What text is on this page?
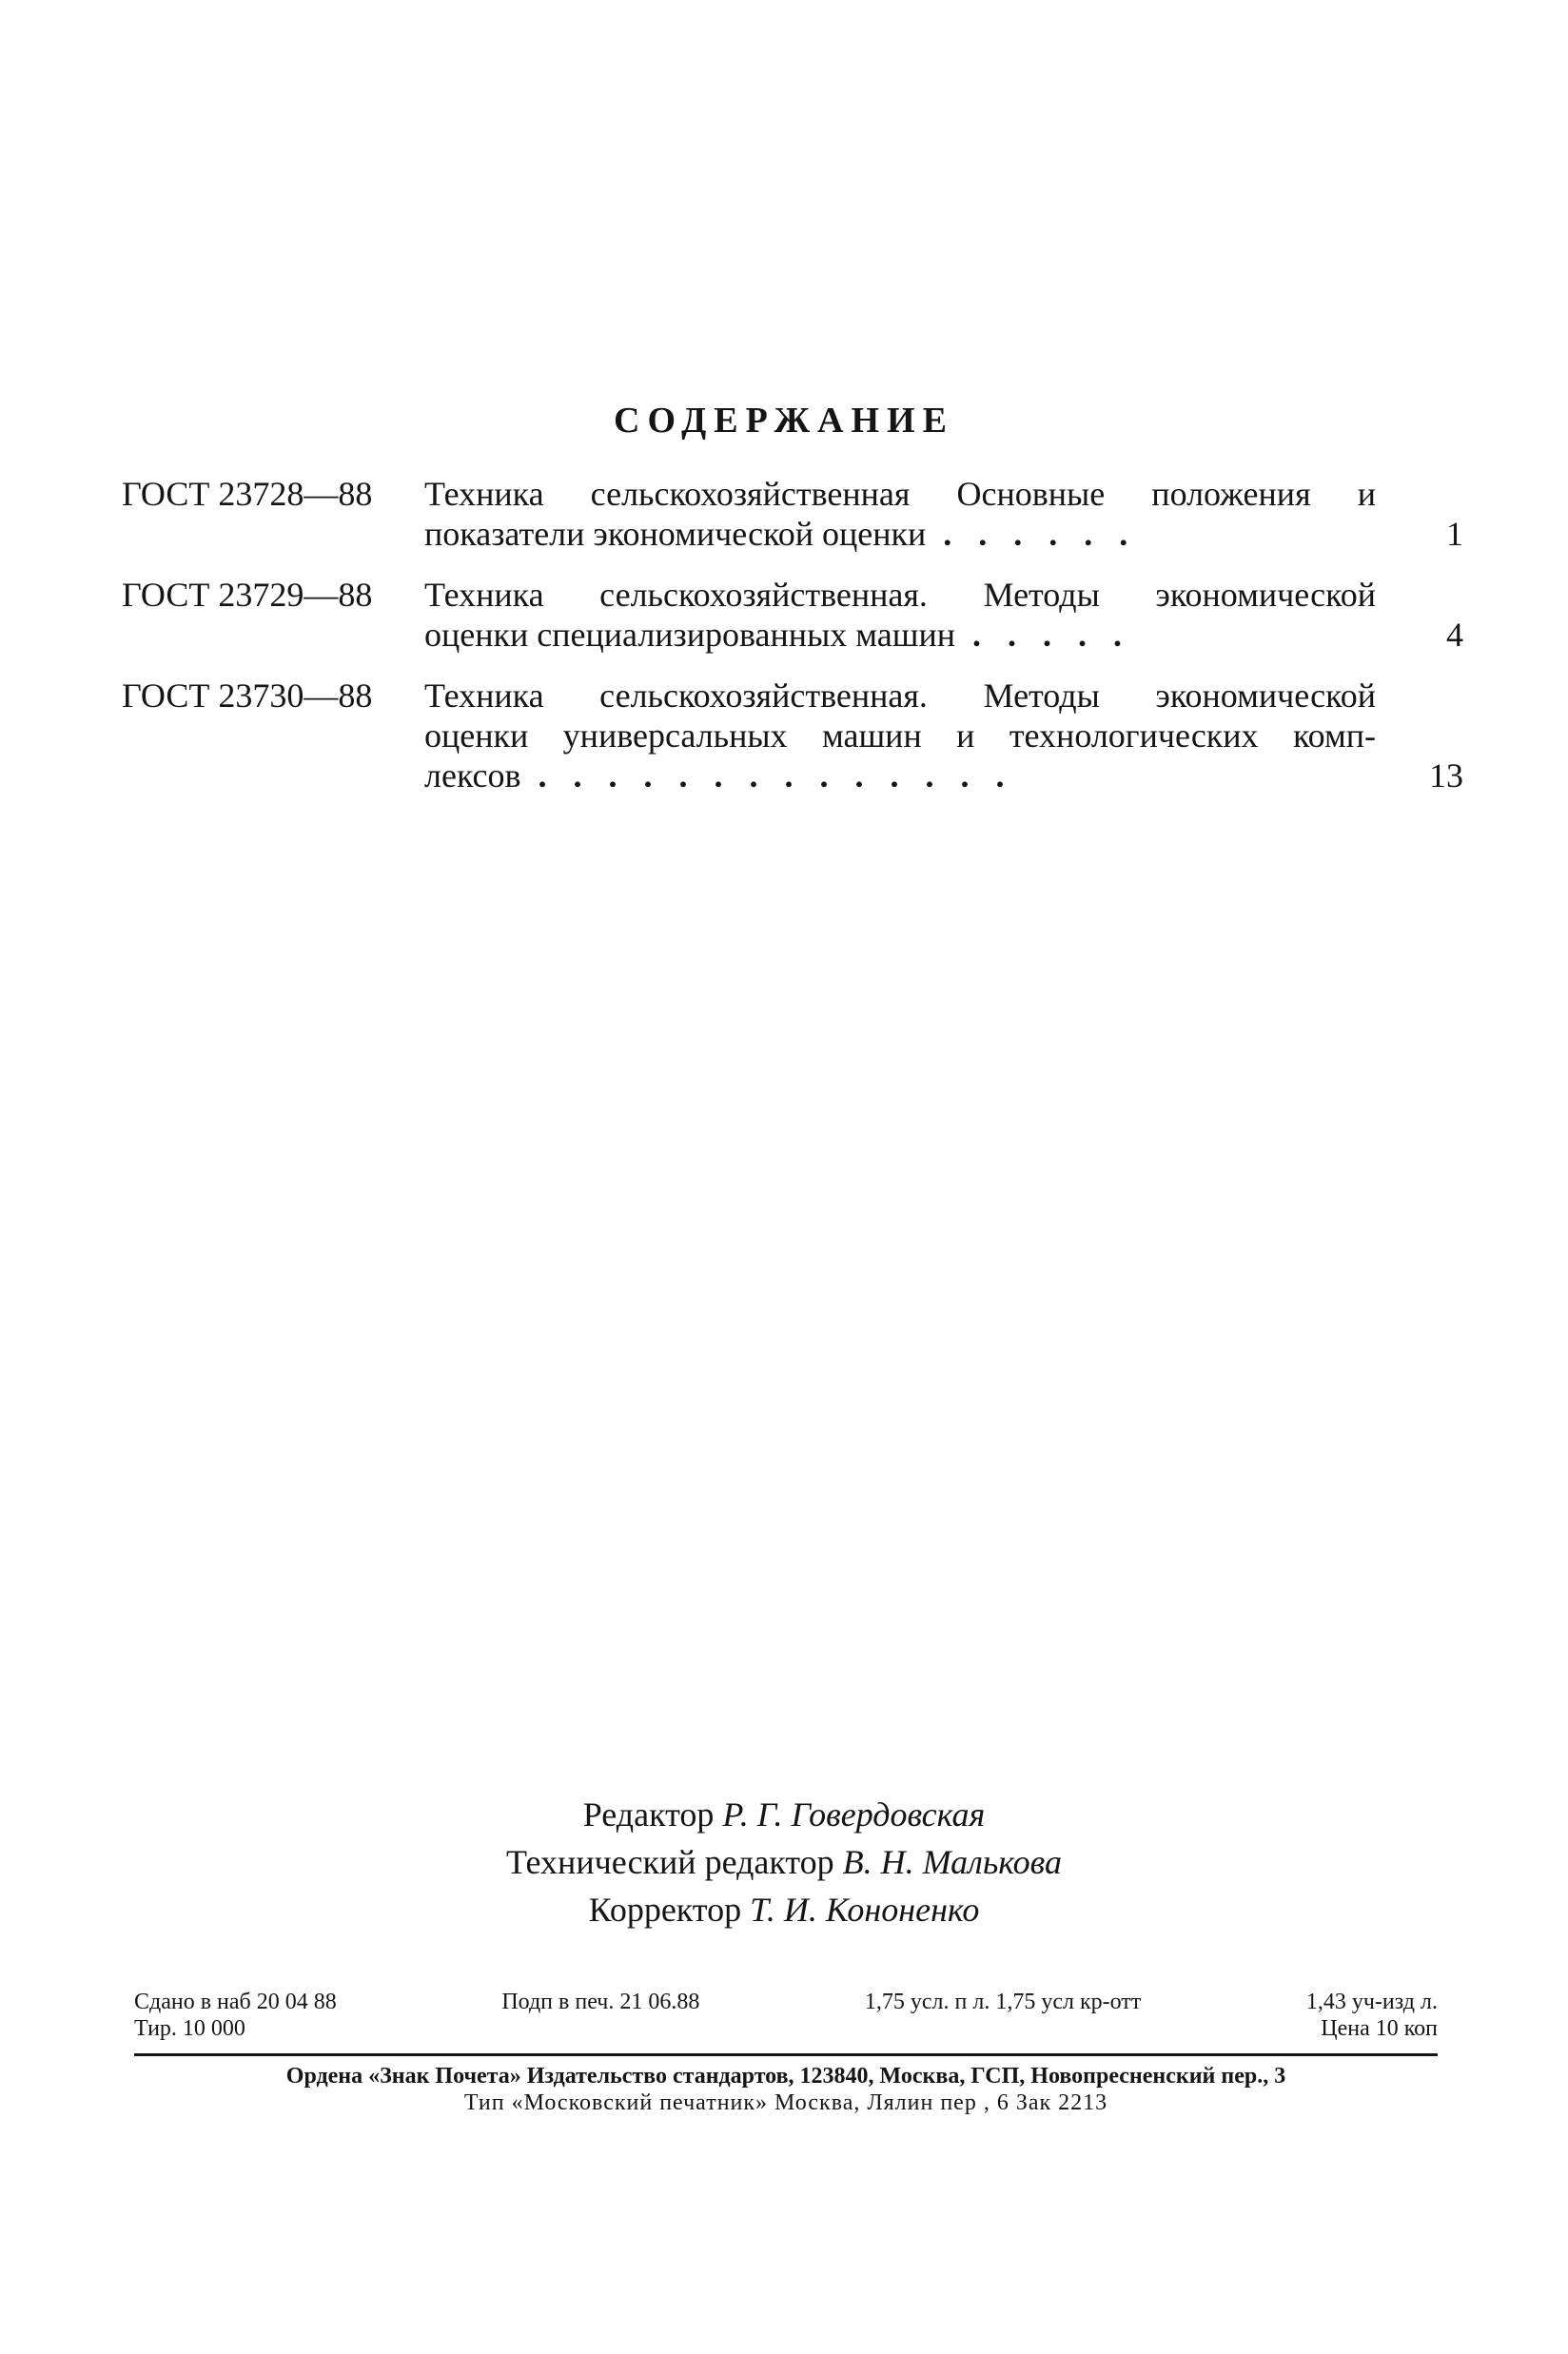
СОДЕРЖАНИЕ
ГОСТ 23728—88 Техника сельскохозяйственная Основные положения и
показатели экономической оценки ......	1
ГОСТ 23729—88 Техника сельскохозяйственная. Методы экономической
оценки специализированных машин .....	4
ГОСТ 23730—88 Техника сельскохозяйственная. Методы экономической
оценки универсальных машин и технологических комп-
лексов ..............	13
Редактор Р. Г. Говердовская
Технический редактор В. Н. Малькова
Корректор Т. И. Кононенко
Сдано в наб 20 04 88	Подп в печ. 21 06.88	1,75 усл. п л. 1,75 усл кр-отт	1,43 уч-изд л.
Тир. 10 000	Цена 10 коп
Ордена «Знак Почета» Издательство стандартов, 123840, Москва, ГСП, Новопресненский пер., 3
Тип «Московский печатник» Москва, Лялин пер , 6 Зак 2213
